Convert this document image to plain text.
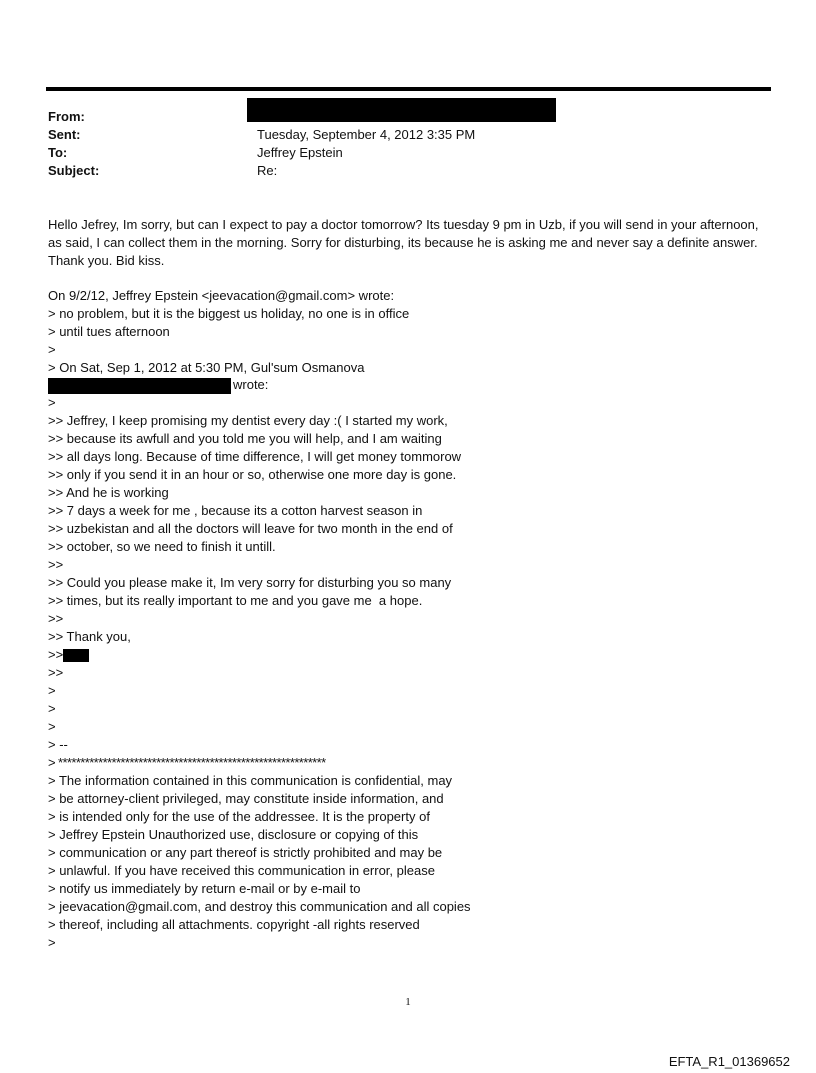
From:
Sent:	Tuesday, September 4, 2012 3:35 PM
To:	Jeffrey Epstein
Subject:	Re:

Hello Jefrey, Im sorry, but can I expect to pay a doctor tomorrow? Its tuesday 9 pm in Uzb, if you will send in your afternoon, as said, I can collect them in the morning. Sorry for disturbing, its because he is asking me and never say a definite answer. Thank you. Bid kiss.

On 9/2/12, Jeffrey Epstein <jeevacation@gmail.com> wrote:
> no problem, but it is the biggest us holiday, no one is in office
> until tues afternoon
>
> On Sat, Sep 1, 2012 at 5:30 PM, Gul'sum Osmanova
wrote:
>
>> Jeffrey, I keep promising my dentist every day :( I started my work,
>> because its awfull and you told me you will help, and I am waiting
>> all days long. Because of time difference, I will get money tommorow
>> only if you send it in an hour or so, otherwise one more day is gone.
>> And he is working
>> 7 days a week for me , because its a cotton harvest season in
>> uzbekistan and all the doctors will leave for two month in the end of
>> october, so we need to finish it untill.
>>
>> Could you please make it, Im very sorry for disturbing you so many
>> times, but its really important to me and you gave me  a hope.
>>
>> Thank you,
>>
>>
>
>
>
> --
> ************************************************************
> The information contained in this communication is confidential, may
> be attorney-client privileged, may constitute inside information, and
> is intended only for the use of the addressee. It is the property of
> Jeffrey Epstein Unauthorized use, disclosure or copying of this
> communication or any part thereof is strictly prohibited and may be
> unlawful. If you have received this communication in error, please
> notify us immediately by return e-mail or by e-mail to
> jeevacation@gmail.com, and destroy this communication and all copies
> thereof, including all attachments. copyright -all rights reserved
>
1
EFTA_R1_01369652
